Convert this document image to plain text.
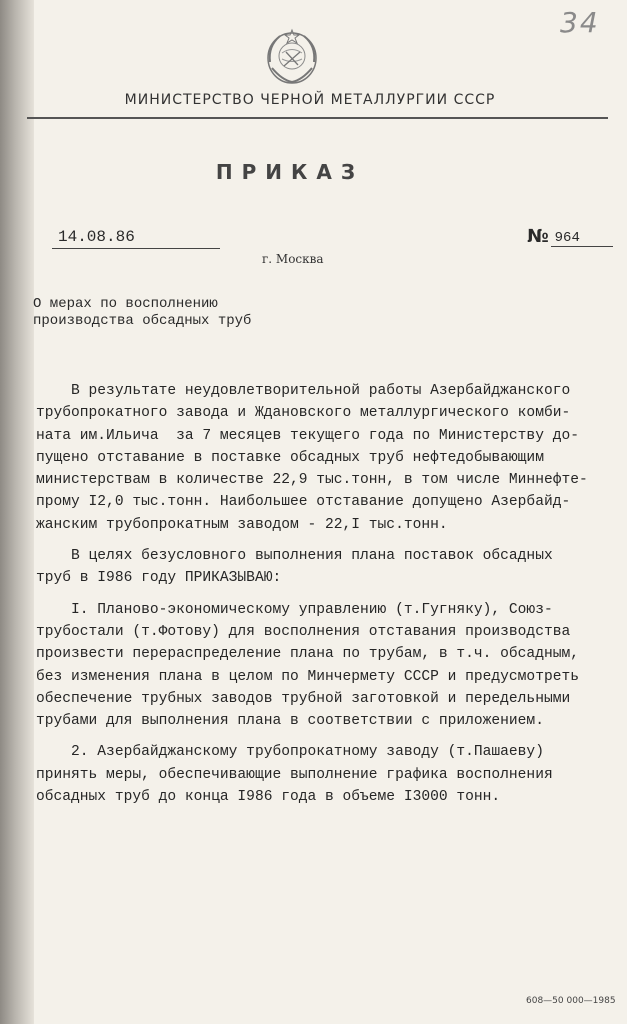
34
МИНИСТЕРСТВО ЧЕРНОЙ МЕТАЛЛУРГИИ СССР
ПРИКАЗ
14.08.86	№ 964
г. Москва
О мерах по восполнению
производства обсадных труб
В результате неудовлетворительной работы Азербайджанского
трубопрокатного завода и Ждановского металлургического комби-
ната им.Ильича  за 7 месяцев текущего года по Министерству до-
пущено отставание в поставке обсадных труб нефтедобывающим
министерствам в количестве 22,9 тыс.тонн, в том числе Миннефте-
прому I2,0 тыс.тонн. Наибольшее отставание допущено Азербайд-
жанским трубопрокатным заводом - 22,I тыс.тонн.
В целях безусловного выполнения плана поставок обсадных
труб в I986 году ПРИКАЗЫВАЮ:
I. Планово-экономическому управлению (т.Гугняку), Союз-
трубостали (т.Фотову) для восполнения отставания производства
произвести перераспределение плана по трубам, в т.ч. обсадным,
без изменения плана в целом по Минчермету СССР и предусмотреть
обеспечение трубных заводов трубной заготовкой и передельными
трубами для выполнения плана в соответствии с приложением.
2. Азербайджанскому трубопрокатному заводу (т.Пашаеву)
принять меры, обеспечивающие выполнение графика восполнения
обсадных труб до конца I986 года в объеме I3000 тонн.
608—50 000—1985
